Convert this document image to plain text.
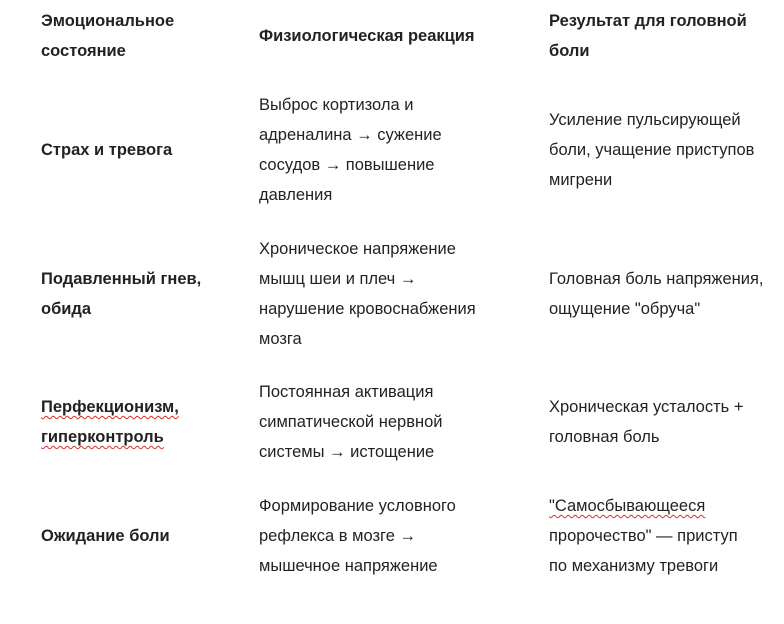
Эмоциональное
состояние
Физиологическая реакция
Результат для головной
боли
Страх и тревога
Выброс кортизола и
адреналина → сужение
сосудов → повышение
давления
Усиление пульсирующей
боли, учащение приступов
мигрени
Подавленный гнев,
обида
Хроническое напряжение
мышц шеи и плеч →
нарушение кровоснабжения
мозга
Головная боль напряжения,
ощущение "обруча"
Перфекционизм,
гиперконтроль
Постоянная активация
симпатической нервной
системы → истощение
Хроническая усталость +
головная боль
Ожидание боли
Формирование условного
рефлекса в мозге →
мышечное напряжение
"Самосбывающееся
пророчество" — приступ
по механизму тревоги
